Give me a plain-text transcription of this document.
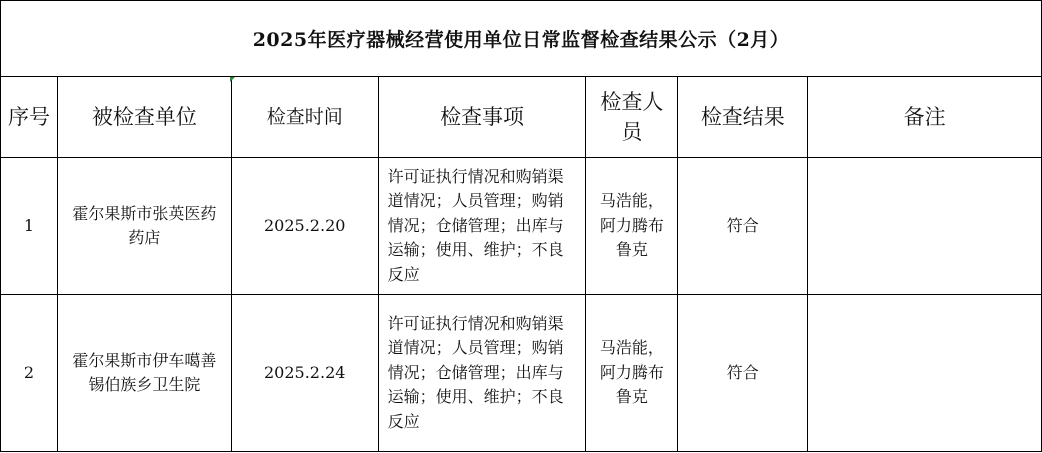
2025年医疗器械经营使用单位日常监督检查结果公示（2月）						
序号	被检查单位	检查时间	检查事项	检查人员	检查结果	备注
1	霍尔果斯市张英医药药店	2025.2.20	许可证执行情况和购销渠道情况；人员管理；购销情况；仓储管理；出库与运输；使用、维护；不良反应	马浩能，阿力腾布鲁克	符合	
2	霍尔果斯市伊车噶善锡伯族乡卫生院	2025.2.24	许可证执行情况和购销渠道情况；人员管理；购销情况；仓储管理；出库与运输；使用、维护；不良反应	马浩能，阿力腾布鲁克	符合	
